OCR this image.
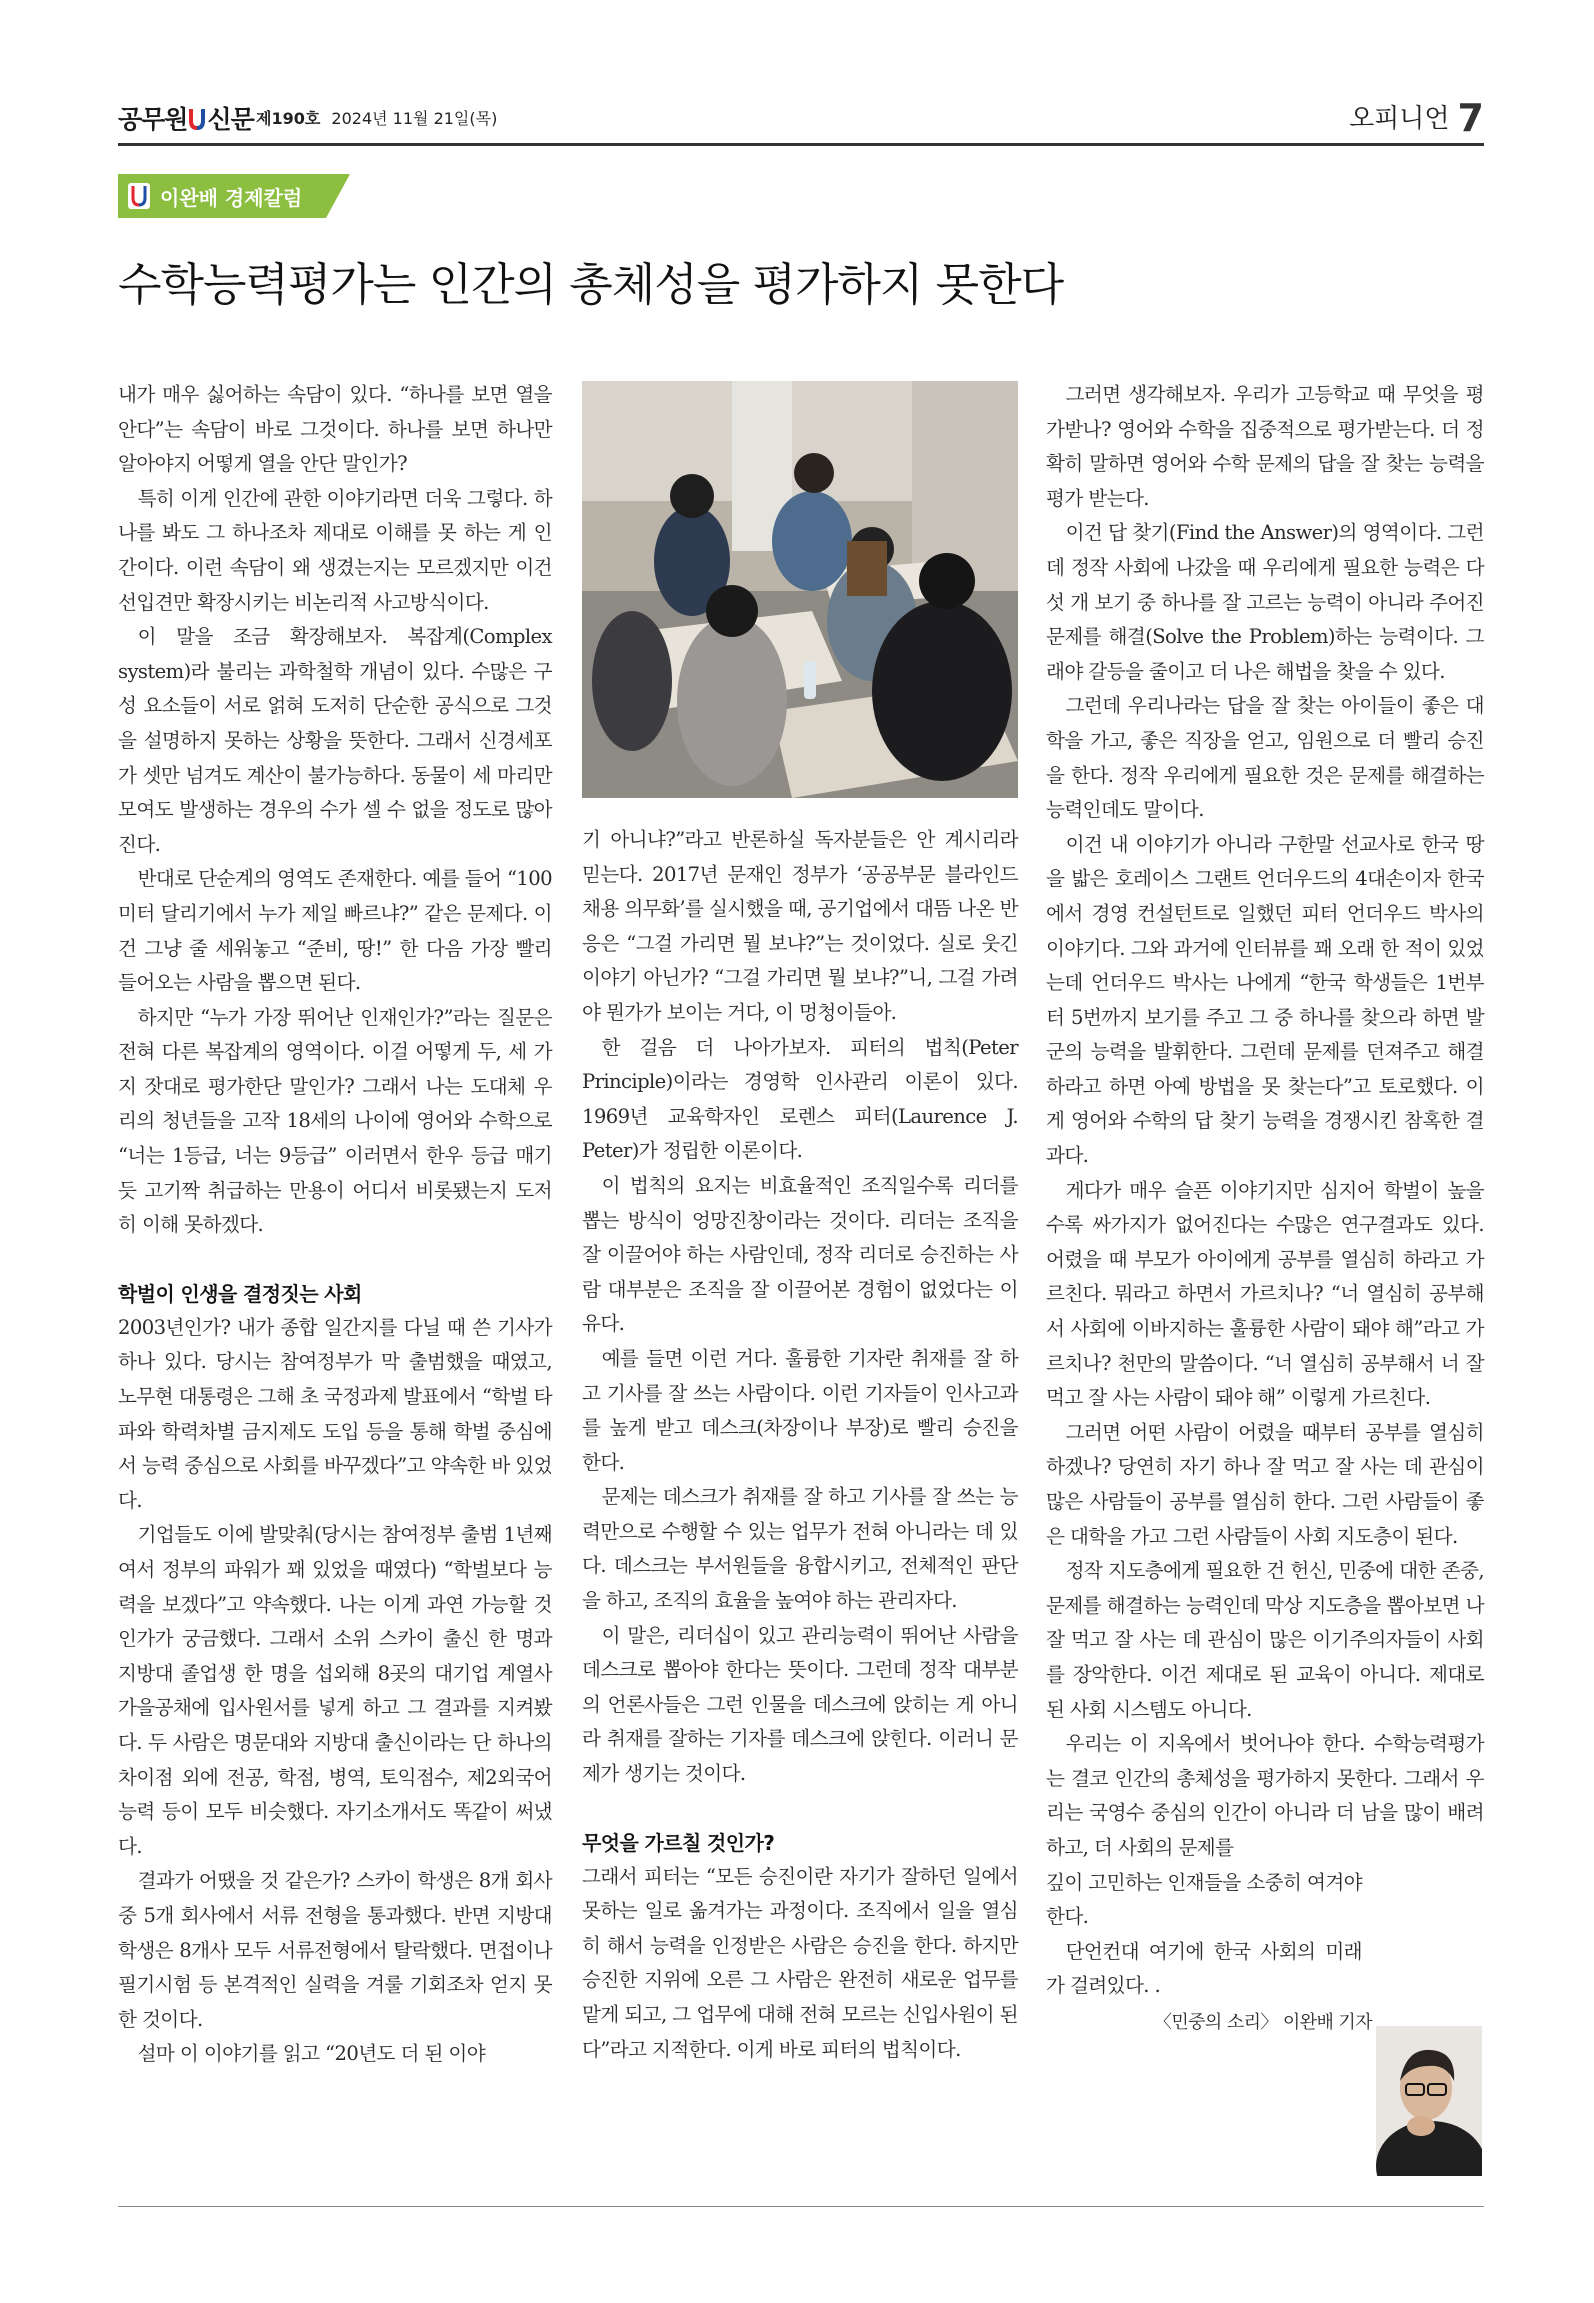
공무원 신문 제190호 2024년 11월 21일(목)	오피니언 7
이완배 경제칼럼
수학능력평가는 인간의 총체성을 평가하지 못한다

내가 매우 싫어하는 속담이 있다. “하나를 보면 열을 안다”는 속담이 바로 그것이다. 하나를 보면 하나만 알아야지 어떻게 열을 안단 말인가?

특히 이게 인간에 관한 이야기라면 더욱 그렇다. 하나를 봐도 그 하나조차 제대로 이해를 못 하는 게 인간이다. 이런 속담이 왜 생겼는지는 모르겠지만 이건 선입견만 확장시키는 비논리적 사고방식이다.

이 말을 조금 확장해보자. 복잡계(Complex system)라 불리는 과학철학 개념이 있다. 수많은 구성 요소들이 서로 얽혀 도저히 단순한 공식으로 그것을 설명하지 못하는 상황을 뜻한다. 그래서 신경세포가 셋만 넘겨도 계산이 불가능하다. 동물이 세 마리만 모여도 발생하는 경우의 수가 셀 수 없을 정도로 많아진다.

반대로 단순계의 영역도 존재한다. 예를 들어 “100미터 달리기에서 누가 제일 빠르냐?” 같은 문제다. 이건 그냥 줄 세워놓고 “준비, 땅!” 한 다음 가장 빨리 들어오는 사람을 뽑으면 된다.

하지만 “누가 가장 뛰어난 인재인가?”라는 질문은 전혀 다른 복잡계의 영역이다. 이걸 어떻게 두, 세 가지 잣대로 평가한단 말인가? 그래서 나는 도대체 우리의 청년들을 고작 18세의 나이에 영어와 수학으로 “너는 1등급, 너는 9등급” 이러면서 한우 등급 매기듯 고기짝 취급하는 만용이 어디서 비롯됐는지 도저히 이해 못하겠다.

학벌이 인생을 결정짓는 사회

2003년인가? 내가 종합 일간지를 다닐 때 쓴 기사가 하나 있다. 당시는 참여정부가 막 출범했을 때였고, 노무현 대통령은 그해 초 국정과제 발표에서 “학벌 타파와 학력차별 금지제도 도입 등을 통해 학벌 중심에서 능력 중심으로 사회를 바꾸겠다”고 약속한 바 있었다.

기업들도 이에 발맞춰(당시는 참여정부 출범 1년째여서 정부의 파워가 꽤 있었을 때였다) “학벌보다 능력을 보겠다”고 약속했다. 나는 이게 과연 가능할 것인가가 궁금했다. 그래서 소위 스카이 출신 한 명과 지방대 졸업생 한 명을 섭외해 8곳의 대기업 계열사 가을공채에 입사원서를 넣게 하고 그 결과를 지켜봤다. 두 사람은 명문대와 지방대 출신이라는 단 하나의 차이점 외에 전공, 학점, 병역, 토익점수, 제2외국어 능력 등이 모두 비슷했다. 자기소개서도 똑같이 써냈다.

결과가 어땠을 것 같은가? 스카이 학생은 8개 회사 중 5개 회사에서 서류 전형을 통과했다. 반면 지방대 학생은 8개사 모두 서류전형에서 탈락했다. 면접이나 필기시험 등 본격적인 실력을 겨룰 기회조차 얻지 못한 것이다.

설마 이 이야기를 읽고 “20년도 더 된 이야

기 아니냐?”라고 반론하실 독자분들은 안 계시리라 믿는다. 2017년 문재인 정부가 ‘공공부문 블라인드 채용 의무화’를 실시했을 때, 공기업에서 대뜸 나온 반응은 “그걸 가리면 뭘 보냐?”는 것이었다. 실로 웃긴 이야기 아닌가? “그걸 가리면 뭘 보냐?”니, 그걸 가려야 뭔가가 보이는 거다, 이 멍청이들아.

한 걸음 더 나아가보자. 피터의 법칙(Peter Principle)이라는 경영학 인사관리 이론이 있다. 1969년 교육학자인 로렌스 피터(Laurence J. Peter)가 정립한 이론이다.

이 법칙의 요지는 비효율적인 조직일수록 리더를 뽑는 방식이 엉망진창이라는 것이다. 리더는 조직을 잘 이끌어야 하는 사람인데, 정작 리더로 승진하는 사람 대부분은 조직을 잘 이끌어본 경험이 없었다는 이유다.

예를 들면 이런 거다. 훌륭한 기자란 취재를 잘 하고 기사를 잘 쓰는 사람이다. 이런 기자들이 인사고과를 높게 받고 데스크(차장이나 부장)로 빨리 승진을 한다.

문제는 데스크가 취재를 잘 하고 기사를 잘 쓰는 능력만으로 수행할 수 있는 업무가 전혀 아니라는 데 있다. 데스크는 부서원들을 융합시키고, 전체적인 판단을 하고, 조직의 효율을 높여야 하는 관리자다.

이 말은, 리더십이 있고 관리능력이 뛰어난 사람을 데스크로 뽑아야 한다는 뜻이다. 그런데 정작 대부분의 언론사들은 그런 인물을 데스크에 앉히는 게 아니라 취재를 잘하는 기자를 데스크에 앉힌다. 이러니 문제가 생기는 것이다.

무엇을 가르칠 것인가?

그래서 피터는 “모든 승진이란 자기가 잘하던 일에서 못하는 일로 옮겨가는 과정이다. 조직에서 일을 열심히 해서 능력을 인정받은 사람은 승진을 한다. 하지만 승진한 지위에 오른 그 사람은 완전히 새로운 업무를 맡게 되고, 그 업무에 대해 전혀 모르는 신입사원이 된다”라고 지적한다. 이게 바로 피터의 법칙이다.

그러면 생각해보자. 우리가 고등학교 때 무엇을 평가받나? 영어와 수학을 집중적으로 평가받는다. 더 정확히 말하면 영어와 수학 문제의 답을 잘 찾는 능력을 평가 받는다.

이건 답 찾기(Find the Answer)의 영역이다. 그런데 정작 사회에 나갔을 때 우리에게 필요한 능력은 다섯 개 보기 중 하나를 잘 고르는 능력이 아니라 주어진 문제를 해결(Solve the Problem)하는 능력이다. 그래야 갈등을 줄이고 더 나은 해법을 찾을 수 있다.

그런데 우리나라는 답을 잘 찾는 아이들이 좋은 대학을 가고, 좋은 직장을 얻고, 임원으로 더 빨리 승진을 한다. 정작 우리에게 필요한 것은 문제를 해결하는 능력인데도 말이다.

이건 내 이야기가 아니라 구한말 선교사로 한국 땅을 밟은 호레이스 그랜트 언더우드의 4대손이자 한국에서 경영 컨설턴트로 일했던 피터 언더우드 박사의 이야기다. 그와 과거에 인터뷰를 꽤 오래 한 적이 있었는데 언더우드 박사는 나에게 “한국 학생들은 1번부터 5번까지 보기를 주고 그 중 하나를 찾으라 하면 발군의 능력을 발휘한다. 그런데 문제를 던져주고 해결하라고 하면 아예 방법을 못 찾는다”고 토로했다. 이게 영어와 수학의 답 찾기 능력을 경쟁시킨 참혹한 결과다.

게다가 매우 슬픈 이야기지만 심지어 학벌이 높을수록 싸가지가 없어진다는 수많은 연구결과도 있다. 어렸을 때 부모가 아이에게 공부를 열심히 하라고 가르친다. 뭐라고 하면서 가르치나? “너 열심히 공부해서 사회에 이바지하는 훌륭한 사람이 돼야 해”라고 가르치나? 천만의 말씀이다. “너 열심히 공부해서 너 잘 먹고 잘 사는 사람이 돼야 해” 이렇게 가르친다.

그러면 어떤 사람이 어렸을 때부터 공부를 열심히 하겠나? 당연히 자기 하나 잘 먹고 잘 사는 데 관심이 많은 사람들이 공부를 열심히 한다. 그런 사람들이 좋은 대학을 가고 그런 사람들이 사회 지도층이 된다.

정작 지도층에게 필요한 건 헌신, 민중에 대한 존중, 문제를 해결하는 능력인데 막상 지도층을 뽑아보면 나 잘 먹고 잘 사는 데 관심이 많은 이기주의자들이 사회를 장악한다. 이건 제대로 된 교육이 아니다. 제대로 된 사회 시스템도 아니다.

우리는 이 지옥에서 벗어나야 한다. 수학능력평가는 결코 인간의 총체성을 평가하지 못한다. 그래서 우리는 국영수 중심의 인간이 아니라 더 남을 많이 배려하고, 더 사회의 문제를

깊이 고민하는 인재들을 소중히 여겨야 한다.

단언컨대 여기에 한국 사회의 미래가 걸려있다. .

〈민중의 소리〉 이완배 기자
